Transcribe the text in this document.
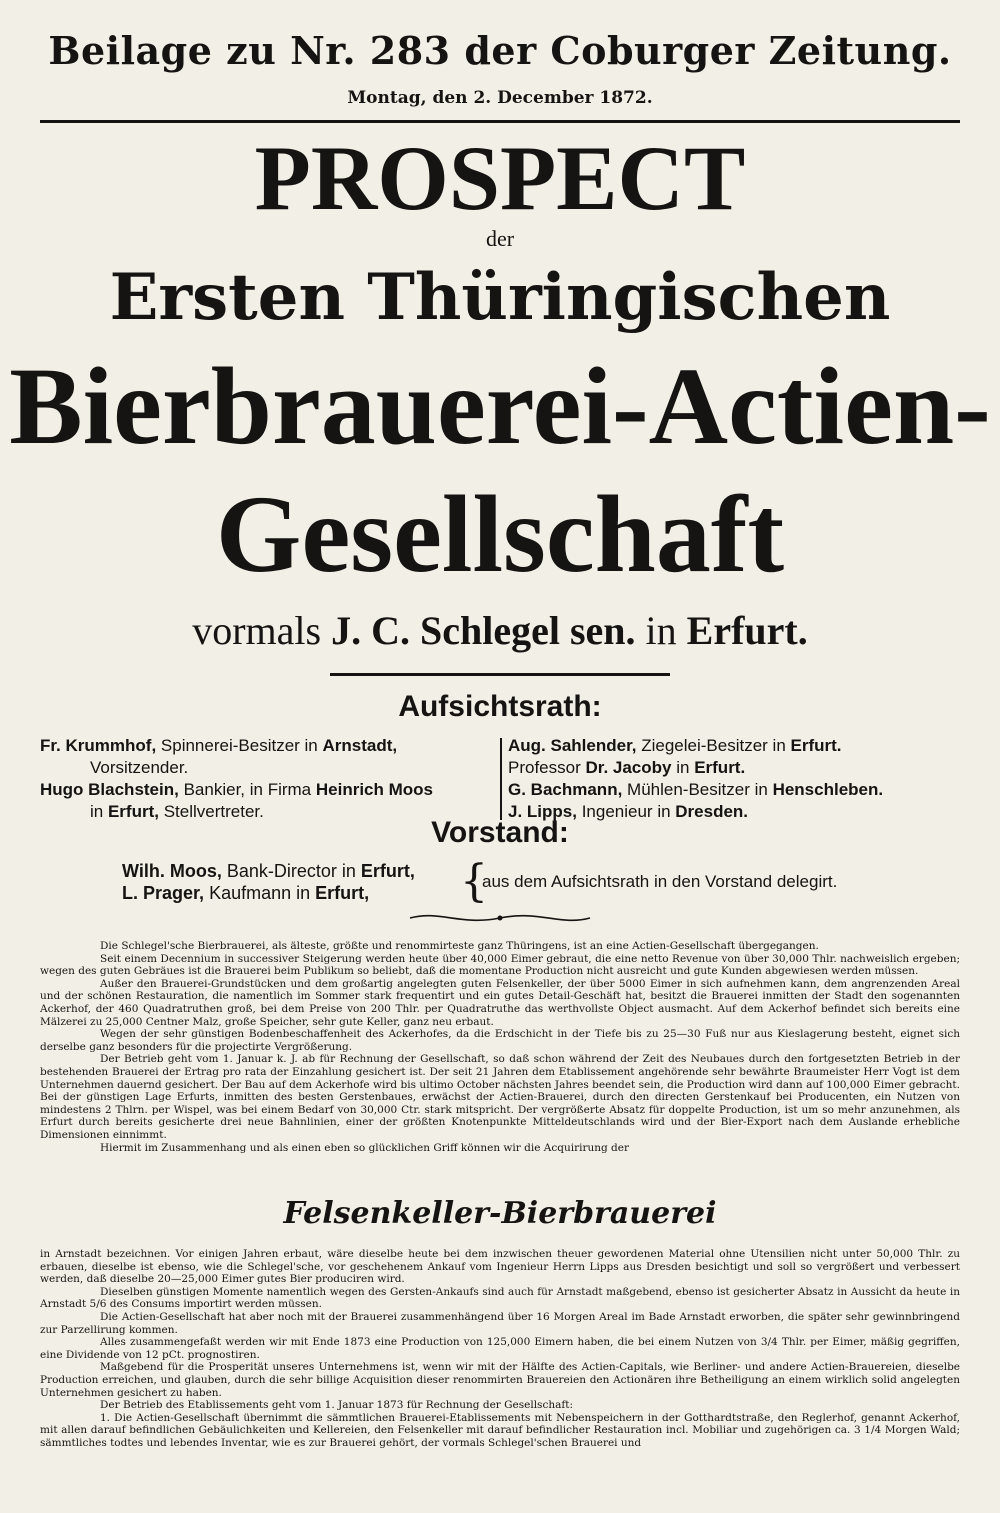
Beilage zu Nr. 283 der Coburger Zeitung.
Montag, den 2. December 1872.
PROSPECT
der
Ersten Thüringischen
Bierbrauerei-Actien-
Gesellschaft
vormals J. C. Schlegel sen. in Erfurt.
Aufsichtsrath:
Fr. Krummhof, Spinnerei-Besitzer in Arnstadt,
Vorsitzender.
Hugo Blachstein, Bankier, in Firma Heinrich Moos
in Erfurt, Stellvertreter.
Aug. Sahlender, Ziegelei-Besitzer in Erfurt.
Professor Dr. Jacoby in Erfurt.
G. Bachmann, Mühlen-Besitzer in Henschleben.
J. Lipps, Ingenieur in Dresden.
Vorstand:
Wilh. Moos, Bank-Director in Erfurt,
L. Prager, Kaufmann in Erfurt,	{
aus dem Aufsichtsrath in den Vorstand delegirt.

Die Schlegel'sche Bierbrauerei, als älteste, größte und renommirteste ganz Thüringens, ist an eine Actien-Gesellschaft übergegangen.

Seit einem Decennium in successiver Steigerung werden heute über 40,000 Eimer gebraut, die eine netto Revenue von über 30,000 Thlr. nachweislich ergeben; wegen des guten Gebräues ist die Brauerei beim Publikum so beliebt, daß die momentane Production nicht ausreicht und gute Kunden abgewiesen werden müssen.

Außer den Brauerei-Grundstücken und dem großartig angelegten guten Felsenkeller, der über 5000 Eimer in sich aufnehmen kann, dem angrenzenden Areal und der schönen Restauration, die namentlich im Sommer stark frequentirt und ein gutes Detail-Geschäft hat, besitzt die Brauerei inmitten der Stadt den sogenannten Ackerhof, der 460 Quadratruthen groß, bei dem Preise von 200 Thlr. per Quadratruthe das werthvollste Object ausmacht. Auf dem Ackerhof befindet sich bereits eine Mälzerei zu 25,000 Centner Malz, große Speicher, sehr gute Keller, ganz neu erbaut.

Wegen der sehr günstigen Bodenbeschaffenheit des Ackerhofes, da die Erdschicht in der Tiefe bis zu 25—30 Fuß nur aus Kieslagerung besteht, eignet sich derselbe ganz besonders für die projectirte Vergrößerung.

Der Betrieb geht vom 1. Januar k. J. ab für Rechnung der Gesellschaft, so daß schon während der Zeit des Neubaues durch den fortgesetzten Betrieb in der bestehenden Brauerei der Ertrag pro rata der Einzahlung gesichert ist. Der seit 21 Jahren dem Etablissement angehörende sehr bewährte Braumeister Herr Vogt ist dem Unternehmen dauernd gesichert. Der Bau auf dem Ackerhofe wird bis ultimo October nächsten Jahres beendet sein, die Production wird dann auf 100,000 Eimer gebracht. Bei der günstigen Lage Erfurts, inmitten des besten Gerstenbaues, erwächst der Actien-Brauerei, durch den directen Gerstenkauf bei Producenten, ein Nutzen von mindestens 2 Thlrn. per Wispel, was bei einem Bedarf von 30,000 Ctr. stark mitspricht. Der vergrößerte Absatz für doppelte Production, ist um so mehr anzunehmen, als Erfurt durch bereits gesicherte drei neue Bahnlinien, einer der größten Knotenpunkte Mitteldeutschlands wird und der Bier-Export nach dem Auslande erhebliche Dimensionen einnimmt.

Hiermit im Zusammenhang und als einen eben so glücklichen Griff können wir die Acquirirung der

Felsenkeller-Bierbrauerei

in Arnstadt bezeichnen. Vor einigen Jahren erbaut, wäre dieselbe heute bei dem inzwischen theuer gewordenen Material ohne Utensilien nicht unter 50,000 Thlr. zu erbauen, dieselbe ist ebenso, wie die Schlegel'sche, vor geschehenem Ankauf vom Ingenieur Herrn Lipps aus Dresden besichtigt und soll so vergrößert und verbessert werden, daß dieselbe 20—25,000 Eimer gutes Bier produciren wird.

Dieselben günstigen Momente namentlich wegen des Gersten-Ankaufs sind auch für Arnstadt maßgebend, ebenso ist gesicherter Absatz in Aussicht da heute in Arnstadt 5/6 des Consums importirt werden müssen.

Die Actien-Gesellschaft hat aber noch mit der Brauerei zusammenhängend über 16 Morgen Areal im Bade Arnstadt erworben, die später sehr gewinnbringend zur Parzellirung kommen.

Alles zusammengefaßt werden wir mit Ende 1873 eine Production von 125,000 Eimern haben, die bei einem Nutzen von 3/4 Thlr. per Eimer, mäßig gegriffen, eine Dividende von 12 pCt. prognostiren.

Maßgebend für die Prosperität unseres Unternehmens ist, wenn wir mit der Hälfte des Actien-Capitals, wie Berliner- und andere Actien-Brauereien, dieselbe Production erreichen, und glauben, durch die sehr billige Acquisition dieser renommirten Brauereien den Actionären ihre Betheiligung an einem wirklich solid angelegten Unternehmen gesichert zu haben.

Der Betrieb des Etablissements geht vom 1. Januar 1873 für Rechnung der Gesellschaft:

1. Die Actien-Gesellschaft übernimmt die sämmtlichen Brauerei-Etablissements mit Nebenspeichern in der Gotthardtstraße, den Reglerhof, genannt Ackerhof, mit allen darauf befindlichen Gebäulichkeiten und Kellereien, den Felsenkeller mit darauf befindlicher Restauration incl. Mobiliar und zugehörigen ca. 3 1/4 Morgen Wald; sämmtliches todtes und lebendes Inventar, wie es zur Brauerei gehört, der vormals Schlegel'schen Brauerei und
